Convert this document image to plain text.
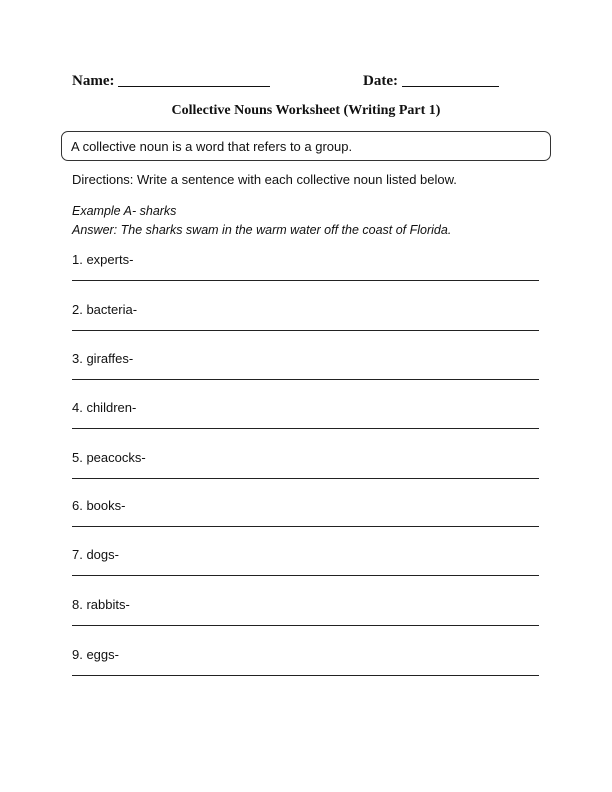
Name:	Date:
Collective Nouns Worksheet (Writing Part 1)
A collective noun is a word that refers to a group.
Directions: Write a sentence with each collective noun listed below.
Example A- sharks
Answer: The sharks swam in the warm water off the coast of Florida.
1. experts-
2. bacteria-
3. giraffes-
4. children-
5. peacocks-
6. books-
7. dogs-
8. rabbits-
9. eggs-
